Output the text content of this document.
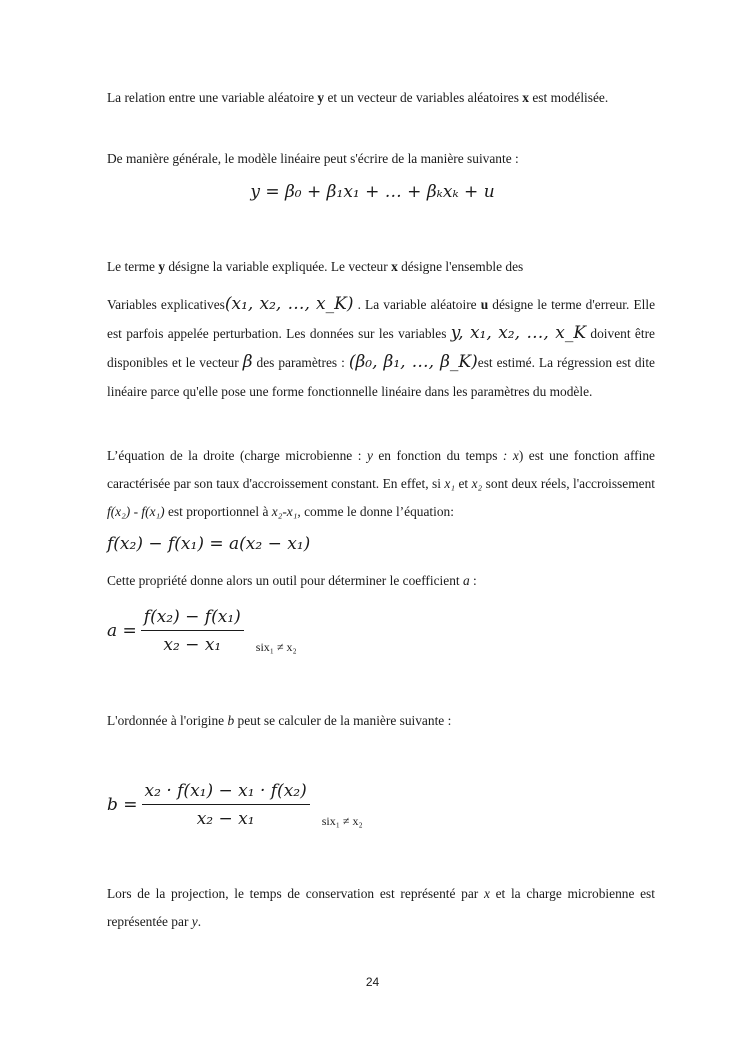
La relation entre une variable aléatoire y et un vecteur de variables aléatoires x est modélisée.

De manière générale, le modèle linéaire peut s'écrire de la manière suivante :

y = β₀ + β₁x₁ + … + βₖxₖ + u

Le terme y désigne la variable expliquée. Le vecteur x désigne l'ensemble des

Variables explicatives(x₁, x₂, …, x_K) . La variable aléatoire u désigne le terme d'erreur. Elle est parfois appelée perturbation. Les données sur les variables y, x₁, x₂, …, x_K doivent être disponibles et le vecteur β des paramètres : (β₀, β₁, …, β_K)est estimé. La régression est dite linéaire parce qu'elle pose une forme fonctionnelle linéaire dans les paramètres du modèle.

L’équation de la droite (charge microbienne : y en fonction du temps : x) est une fonction affine caractérisée par son taux d'accroissement constant. En effet, si x₁ et x₂ sont deux réels, l'accroissement f(x₂) - f(x₁) est proportionnel à x₂-x₁, comme le donne l’équation:

f(x₂) − f(x₁) = a(x₂ − x₁)

Cette propriété donne alors un outil pour déterminer le coefficient a :

$a = \frac{\text{f(x₂) − f(x₁)}}{\text{x₂ − x₁}} _{six_1 \ne x_2}$

L'ordonnée à l'origine b peut se calculer de la manière suivante :

$b = \frac{\text{x₂ · f(x₁) − x₁ · f(x₂)}}{\text{x₂ − x₁}} _{six_1 \ne x_2}$

Lors de la projection, le temps de conservation est représenté par x et la charge microbienne est représentée par y.

24
